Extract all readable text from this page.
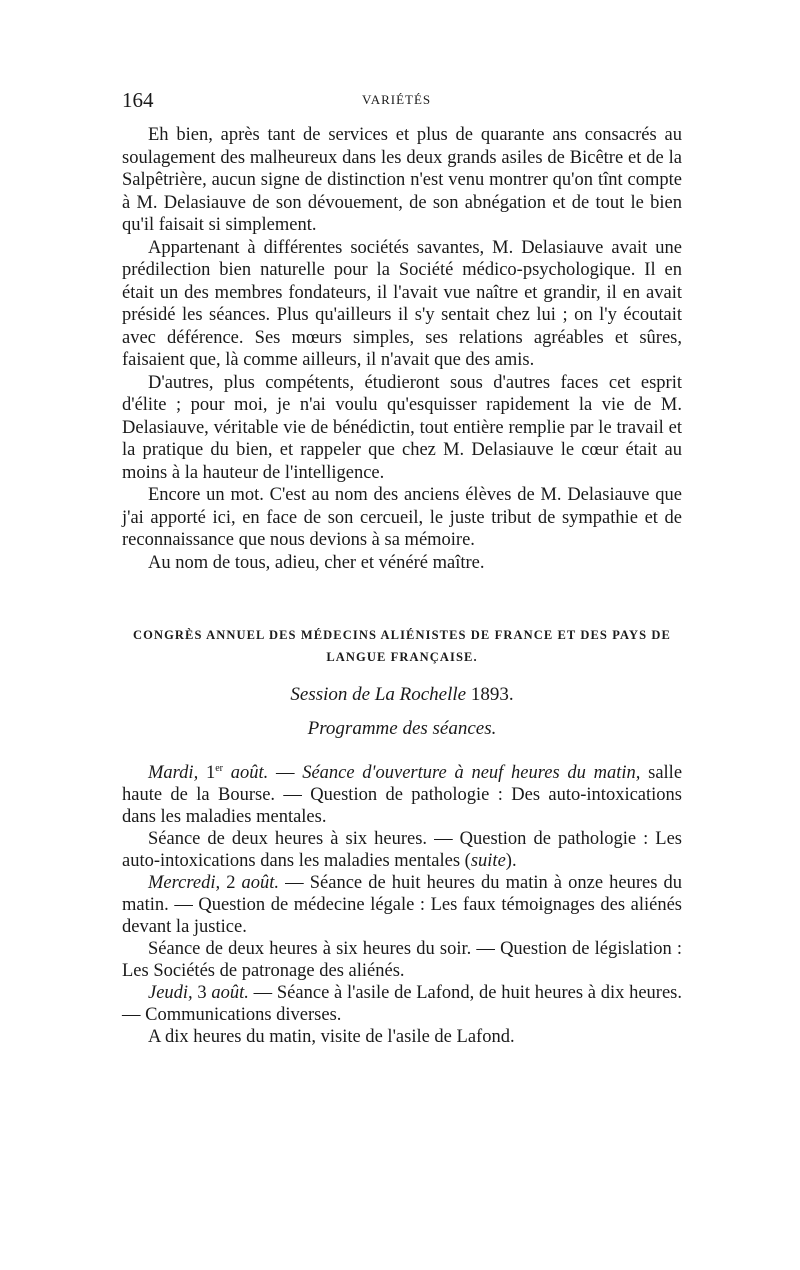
164	VARIÉTÉS

Eh bien, après tant de services et plus de quarante ans consacrés au soulagement des malheureux dans les deux grands asiles de Bicêtre et de la Salpêtrière, aucun signe de distinction n'est venu montrer qu'on tînt compte à M. Delasiauve de son dévouement, de son abnégation et de tout le bien qu'il faisait si simplement.

Appartenant à différentes sociétés savantes, M. Delasiauve avait une prédilection bien naturelle pour la Société médico-psychologique. Il en était un des membres fondateurs, il l'avait vue naître et grandir, il en avait présidé les séances. Plus qu'ailleurs il s'y sentait chez lui ; on l'y écoutait avec déférence. Ses mœurs simples, ses relations agréables et sûres, faisaient que, là comme ailleurs, il n'avait que des amis.

D'autres, plus compétents, étudieront sous d'autres faces cet esprit d'élite ; pour moi, je n'ai voulu qu'esquisser rapidement la vie de M. Delasiauve, véritable vie de bénédictin, tout entière remplie par le travail et la pratique du bien, et rappeler que chez M. Delasiauve le cœur était au moins à la hauteur de l'intelligence.

Encore un mot. C'est au nom des anciens élèves de M. Delasiauve que j'ai apporté ici, en face de son cercueil, le juste tribut de sympathie et de reconnaissance que nous devions à sa mémoire.

Au nom de tous, adieu, cher et vénéré maître.

CONGRÈS ANNUEL DES MÉDECINS ALIÉNISTES DE FRANCE ET DES PAYS DE LANGUE FRANÇAISE.

Session de La Rochelle 1893.

Programme des séances.

Mardi, 1er août. — Séance d'ouverture à neuf heures du matin, salle haute de la Bourse. — Question de pathologie : Des auto-intoxications dans les maladies mentales.

Séance de deux heures à six heures. — Question de pathologie : Les auto-intoxications dans les maladies mentales (suite).

Mercredi, 2 août. — Séance de huit heures du matin à onze heures du matin. — Question de médecine légale : Les faux témoignages des aliénés devant la justice.

Séance de deux heures à six heures du soir. — Question de législation : Les Sociétés de patronage des aliénés.

Jeudi, 3 août. — Séance à l'asile de Lafond, de huit heures à dix heures. — Communications diverses.

A dix heures du matin, visite de l'asile de Lafond.
